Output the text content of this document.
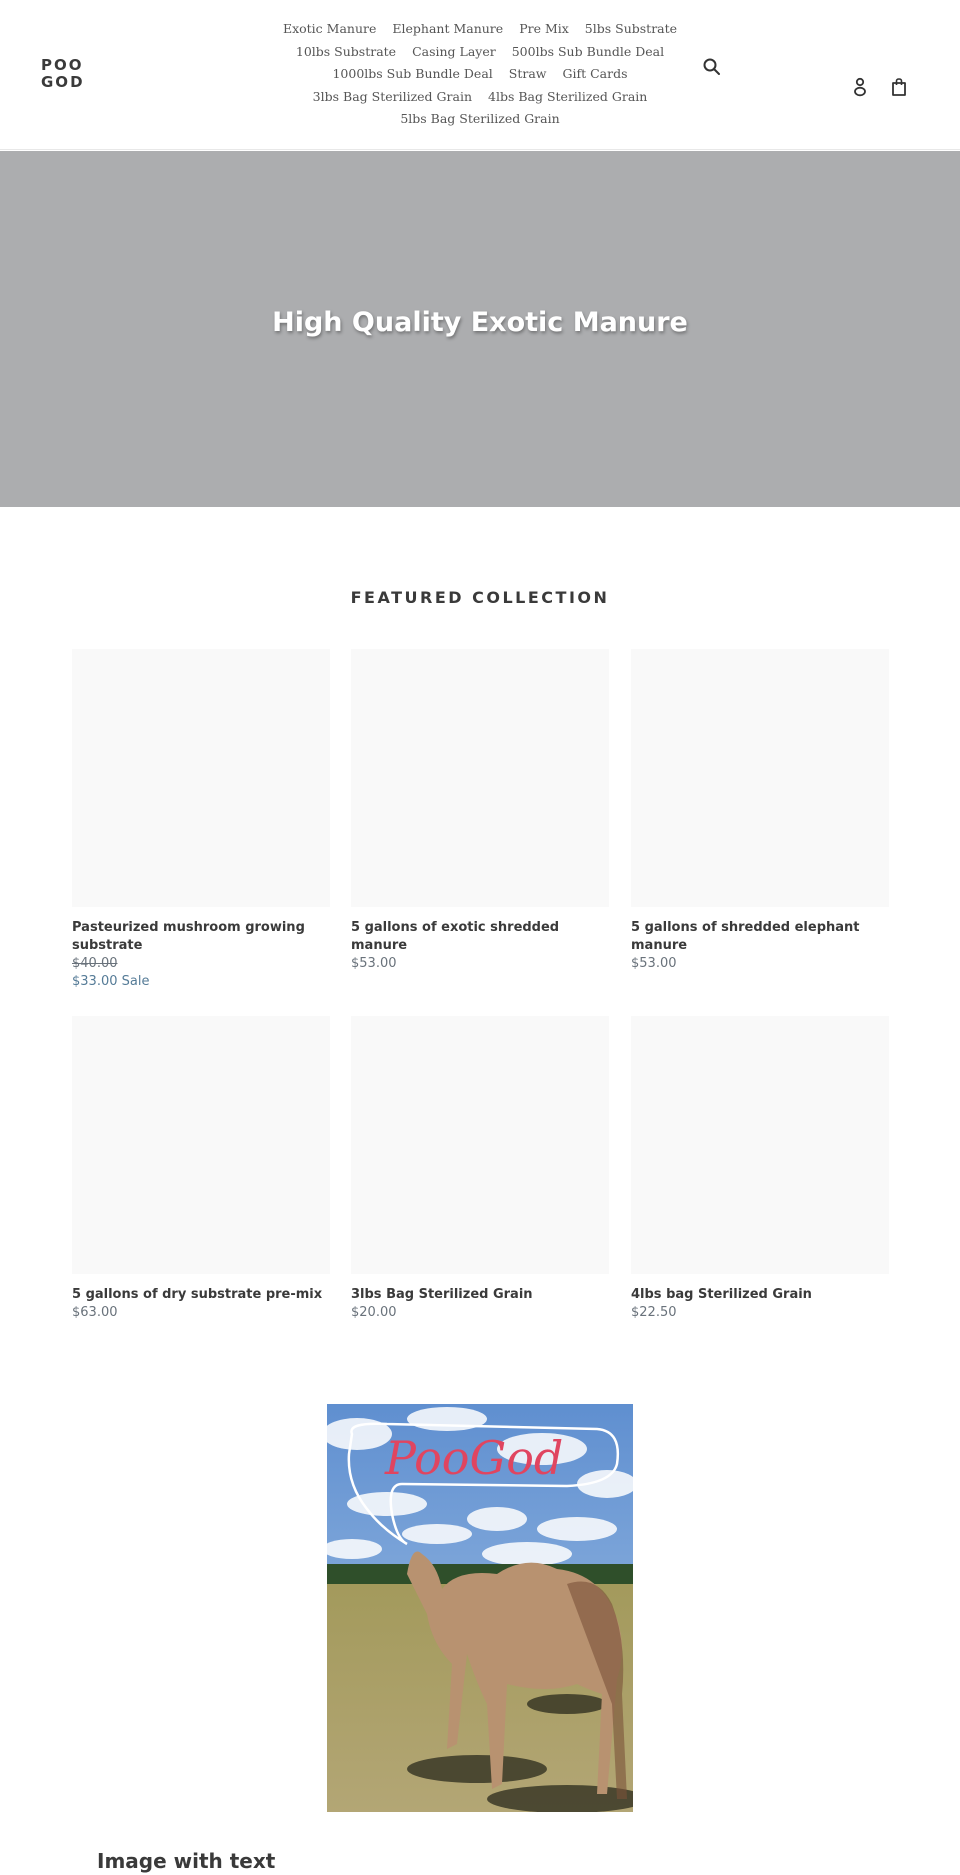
POO
GOD
Exotic Manure Elephant Manure Pre Mix 5lbs Substrate
10lbs Substrate Casing Layer 500lbs Sub Bundle Deal
1000lbs Sub Bundle Deal Straw Gift Cards
3lbs Bag Sterilized Grain 4lbs Bag Sterilized Grain
5lbs Bag Sterilized Grain
High Quality Exotic Manure
FEATURED COLLECTION
Pasteurized mushroom growing substrate
$40.00
$33.00 Sale
5 gallons of exotic shredded manure
$53.00
5 gallons of shredded elephant manure
$53.00
5 gallons of dry substrate pre-mix
$63.00
3lbs Bag Sterilized Grain
$20.00
4lbs bag Sterilized Grain
$22.50
PooGod
Image with text
